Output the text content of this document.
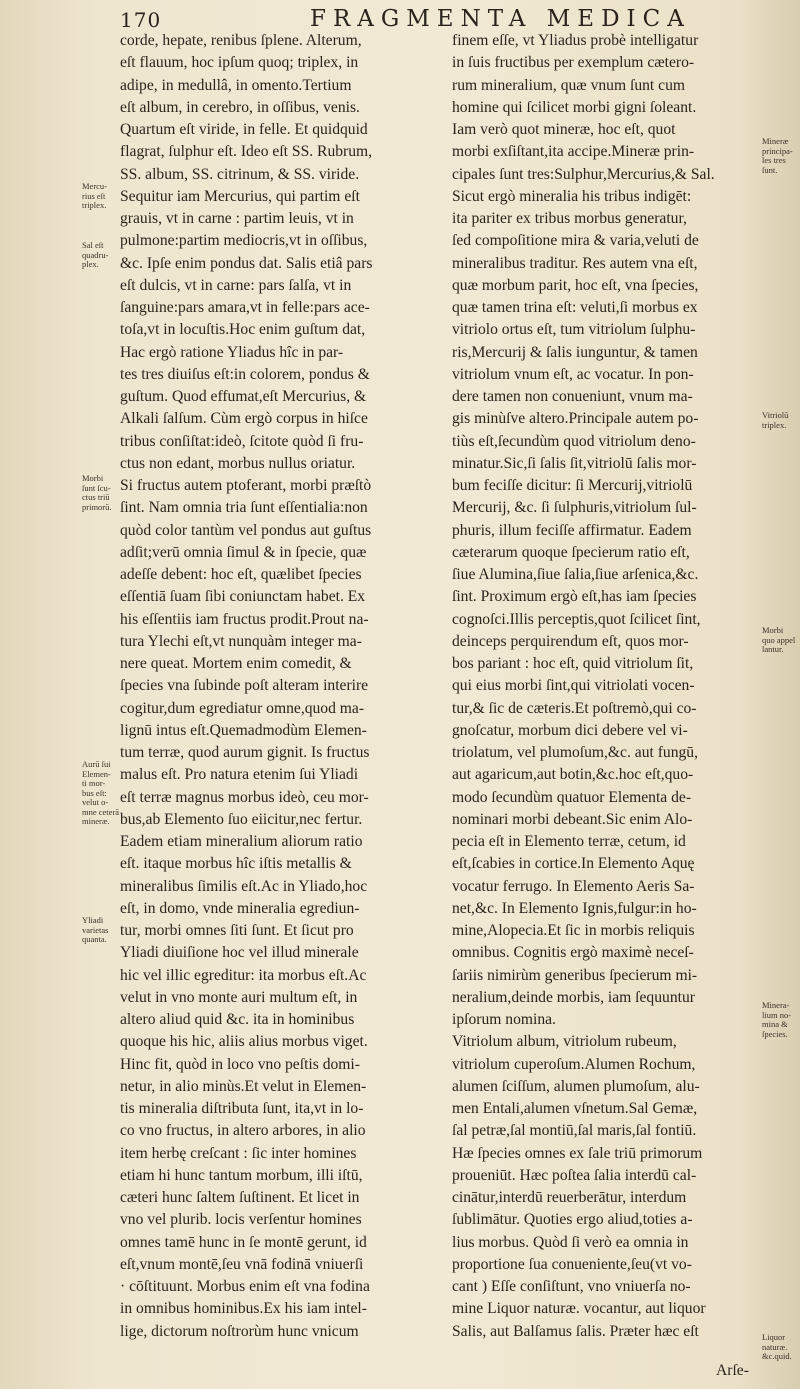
170	FRAGMENTA MEDICA
corde, hepate, renibus ſplene. Alterum,
eſt flauum, hoc ipſum quoq; triplex, in
adipe, in medullâ, in omento.Tertium
eſt album, in cerebro, in oſſibus, venis.
Quartum eſt viride, in felle. Et quidquid
flagrat, ſulphur eſt. Ideo eſt SS. Rubrum,
SS. album, SS. citrinum, & SS. viride.
Sequitur iam Mercurius, qui partim eſt
grauis, vt in carne : partim leuis, vt in
pulmone:partim mediocris,vt in oſſibus,
&c. Ipſe enim pondus dat. Salis etiâ pars
eſt dulcis, vt in carne: pars ſalſa, vt in
ſanguine:pars amara,vt in felle:pars ace-
toſa,vt in locuſtis.Hoc enim guſtum dat,
Hac ergò ratione Yliadus hîc in par-
tes tres diuiſus eſt:in colorem, pondus &
guſtum. Quod effumat,eſt Mercurius, &
Alkali ſalſum. Cùm ergò corpus in hiſce
tribus conſiſtat:ideò, ſcitote quòd ſi fru-
ctus non edant, morbus nullus oriatur.
Si fructus autem ptoferant, morbi præſtò
ſint. Nam omnia tria ſunt eſſentialia:non
quòd color tantùm vel pondus aut guſtus
adſit;verū omnia ſimul & in ſpecie, quæ
adeſſe debent: hoc eſt, quælibet ſpecies
eſſentiā ſuam ſibi coniunctam habet. Ex
his eſſentiis iam fructus prodit.Prout na-
tura Ylechi eſt,vt nunquàm integer ma-
nere queat. Mortem enim comedit, &
ſpecies vna ſubinde poſt alteram interire
cogitur,dum egrediatur omne,quod ma-
lignū intus eſt.Quemadmodùm Elemen-
tum terræ, quod aurum gignit. Is fructus
malus eſt. Pro natura etenim ſui Yliadi
eſt terræ magnus morbus ideò, ceu mor-
bus,ab Elemento ſuo eiicitur,nec fertur.
Eadem etiam mineralium aliorum ratio
eſt. itaque morbus hîc iſtis metallis &
mineralibus ſimilis eſt.Ac in Yliado,hoc
eſt, in domo, vnde mineralia egrediun-
tur, morbi omnes ſiti ſunt. Et ſicut pro
Yliadi diuiſione hoc vel illud minerale
hic vel illic egreditur: ita morbus eſt.Ac
velut in vno monte auri multum eſt, in
altero aliud quid &c. ita in hominibus
quoque his hic, aliis alius morbus viget.
Hinc fit, quòd in loco vno peſtis domi-
netur, in alio minùs.Et velut in Elemen-
tis mineralia diſtributa ſunt, ita,vt in lo-
co vno fructus, in altero arbores, in alio
item herbę creſcant : ſic inter homines
etiam hi hunc tantum morbum, illi iſtū,
cæteri hunc ſaltem ſuſtinent. Et licet in
vno vel plurib. locis verſentur homines
omnes tamē hunc in ſe montē gerunt, id
eſt,vnum montē,ſeu vnā fodinā vniuerſi
· cōſtituunt. Morbus enim eſt vna fodina
in omnibus hominibus.Ex his iam intel-
lige, dictorum noſtrorùm hunc vnicum
finem eſſe, vt Yliadus probè intelligatur
in ſuis fructibus per exemplum cætero-
rum mineralium, quæ vnum ſunt cum
homine qui ſcilicet morbi gigni ſoleant.
Iam verò quot mineræ, hoc eſt, quot
morbi exſiſtant,ita accipe.Mineræ prin-
cipales ſunt tres:Sulphur,Mercurius,& Sal.
Sicut ergò mineralia his tribus indigēt:
ita pariter ex tribus morbus generatur,
ſed compoſitione mira & varia,veluti de
mineralibus traditur. Res autem vna eſt,
quæ morbum parit, hoc eſt, vna ſpecies,
quæ tamen trina eſt: veluti,ſi morbus ex
vitriolo ortus eſt, tum vitriolum ſulphu-
ris,Mercurij & ſalis iunguntur, & tamen
vitriolum vnum eſt, ac vocatur. In pon-
dere tamen non conueniunt, vnum ma-
gis minùſve altero.Principale autem po-
tiùs eſt,ſecundùm quod vitriolum deno-
minatur.Sic,ſi ſalis ſit,vitriolū ſalis mor-
bum feciſſe dicitur: ſi Mercurij,vitriolū
Mercurij, &c. ſi ſulphuris,vitriolum ſul-
phuris, illum feciſſe affirmatur. Eadem
cæterarum quoque ſpecierum ratio eſt,
ſiue Alumina,ſiue ſalia,ſiue arſenica,&c.
ſint. Proximum ergò eſt,has iam ſpecies
cognoſci.Illis perceptis,quot ſcilicet ſint,
deinceps perquirendum eſt, quos mor-
bos pariant : hoc eſt, quid vitriolum ſit,
qui eius morbi ſint,qui vitriolati vocen-
tur,& ſic de cæteris.Et poſtremò,qui co-
gnoſcatur, morbum dici debere vel vi-
triolatum, vel plumoſum,&c. aut fungū,
aut agaricum,aut botin,&c.hoc eſt,quo-
modo ſecundùm quatuor Elementa de-
nominari morbi debeant.Sic enim Alo-
pecia eſt in Elemento terræ, cetum, id
eſt,ſcabies in cortice.In Elemento Aquę
vocatur ferrugo. In Elemento Aeris Sa-
net,&c. In Elemento Ignis,fulgur:in ho-
mine,Alopecia.Et ſic in morbis reliquis
omnibus. Cognitis ergò maximè neceſ-
ſariis nimirùm generibus ſpecierum mi-
neralium,deinde morbis, iam ſequuntur
ipſorum nomina.
Vitriolum album, vitriolum rubeum,
vitriolum cuperoſum.Alumen Rochum,
alumen ſciſſum, alumen plumoſum, alu-
men Entali,alumen vſnetum.Sal Gemæ,
ſal petræ,ſal montiū,ſal maris,ſal fontiū.
Hæ ſpecies omnes ex ſale triū primorum
proueniūt. Hæc poſtea ſalia interdū cal-
cinātur,interdū reuerberātur, interdum
ſublimātur. Quoties ergo aliud,toties a-
lius morbus. Quòd ſi verò ea omnia in
proportione ſua conueniente,ſeu(vt vo-
cant ) Eſſe conſiſtunt, vno vniuerſa no-
mine Liquor naturæ. vocantur, aut liquor
Salis, aut Balſamus ſalis. Præter hæc eſt
Mercu-
rius eſt
triplex.
Sal eſt
quadru-
plex.
Morbi
ſunt ſcu-
ctus triū
primorū.
Aurū ſui
Elemen-
ti mor-
bus eſt:
velut o-
mne ceterā
mineræ.
Yliadi
varietas
quanta.
Mineræ
principa-
les tres
ſunt.
Vitriolū
triplex.
Morbi
quo appel
lantur.
Minera-
lium no-
mina &
ſpecies.
Liquor
naturæ.
&c.quid.
Arſe-
